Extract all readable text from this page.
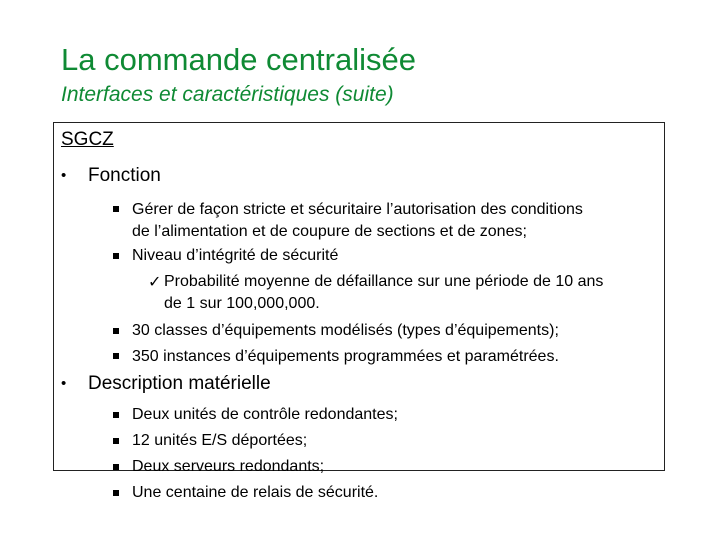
La commande centralisée
Interfaces et caractéristiques (suite)
SGCZ
• Fonction
Gérer de façon stricte et sécuritaire l’autorisation des conditions
de l’alimentation et de coupure de sections et de zones;
Niveau d’intégrité de sécurité
✓ Probabilité moyenne de défaillance sur une période de 10 ans
de 1 sur 100,000,000.
30 classes d’équipements modélisés (types d’équipements);
350 instances d’équipements programmées et paramétrées.
• Description matérielle
Deux unités de contrôle redondantes;
12 unités E/S déportées;
Deux serveurs redondants;
Une centaine de relais de sécurité.
